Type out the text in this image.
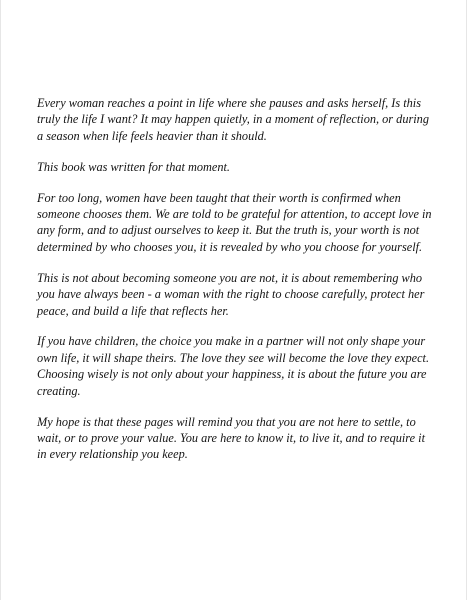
Every woman reaches a point in life where she pauses and asks herself, Is this truly the life I want? It may happen quietly, in a moment of reflection, or during a season when life feels heavier than it should.

This book was written for that moment.

For too long, women have been taught that their worth is confirmed when someone chooses them. We are told to be grateful for attention, to accept love in any form, and to adjust ourselves to keep it. But the truth is, your worth is not determined by who chooses you, it is revealed by who you choose for yourself.

This is not about becoming someone you are not, it is about remembering who you have always been - a woman with the right to choose carefully, protect her peace, and build a life that reflects her.

If you have children, the choice you make in a partner will not only shape your own life, it will shape theirs. The love they see will become the love they expect. Choosing wisely is not only about your happiness, it is about the future you are creating.

My hope is that these pages will remind you that you are not here to settle, to wait, or to prove your value. You are here to know it, to live it, and to require it in every relationship you keep.
